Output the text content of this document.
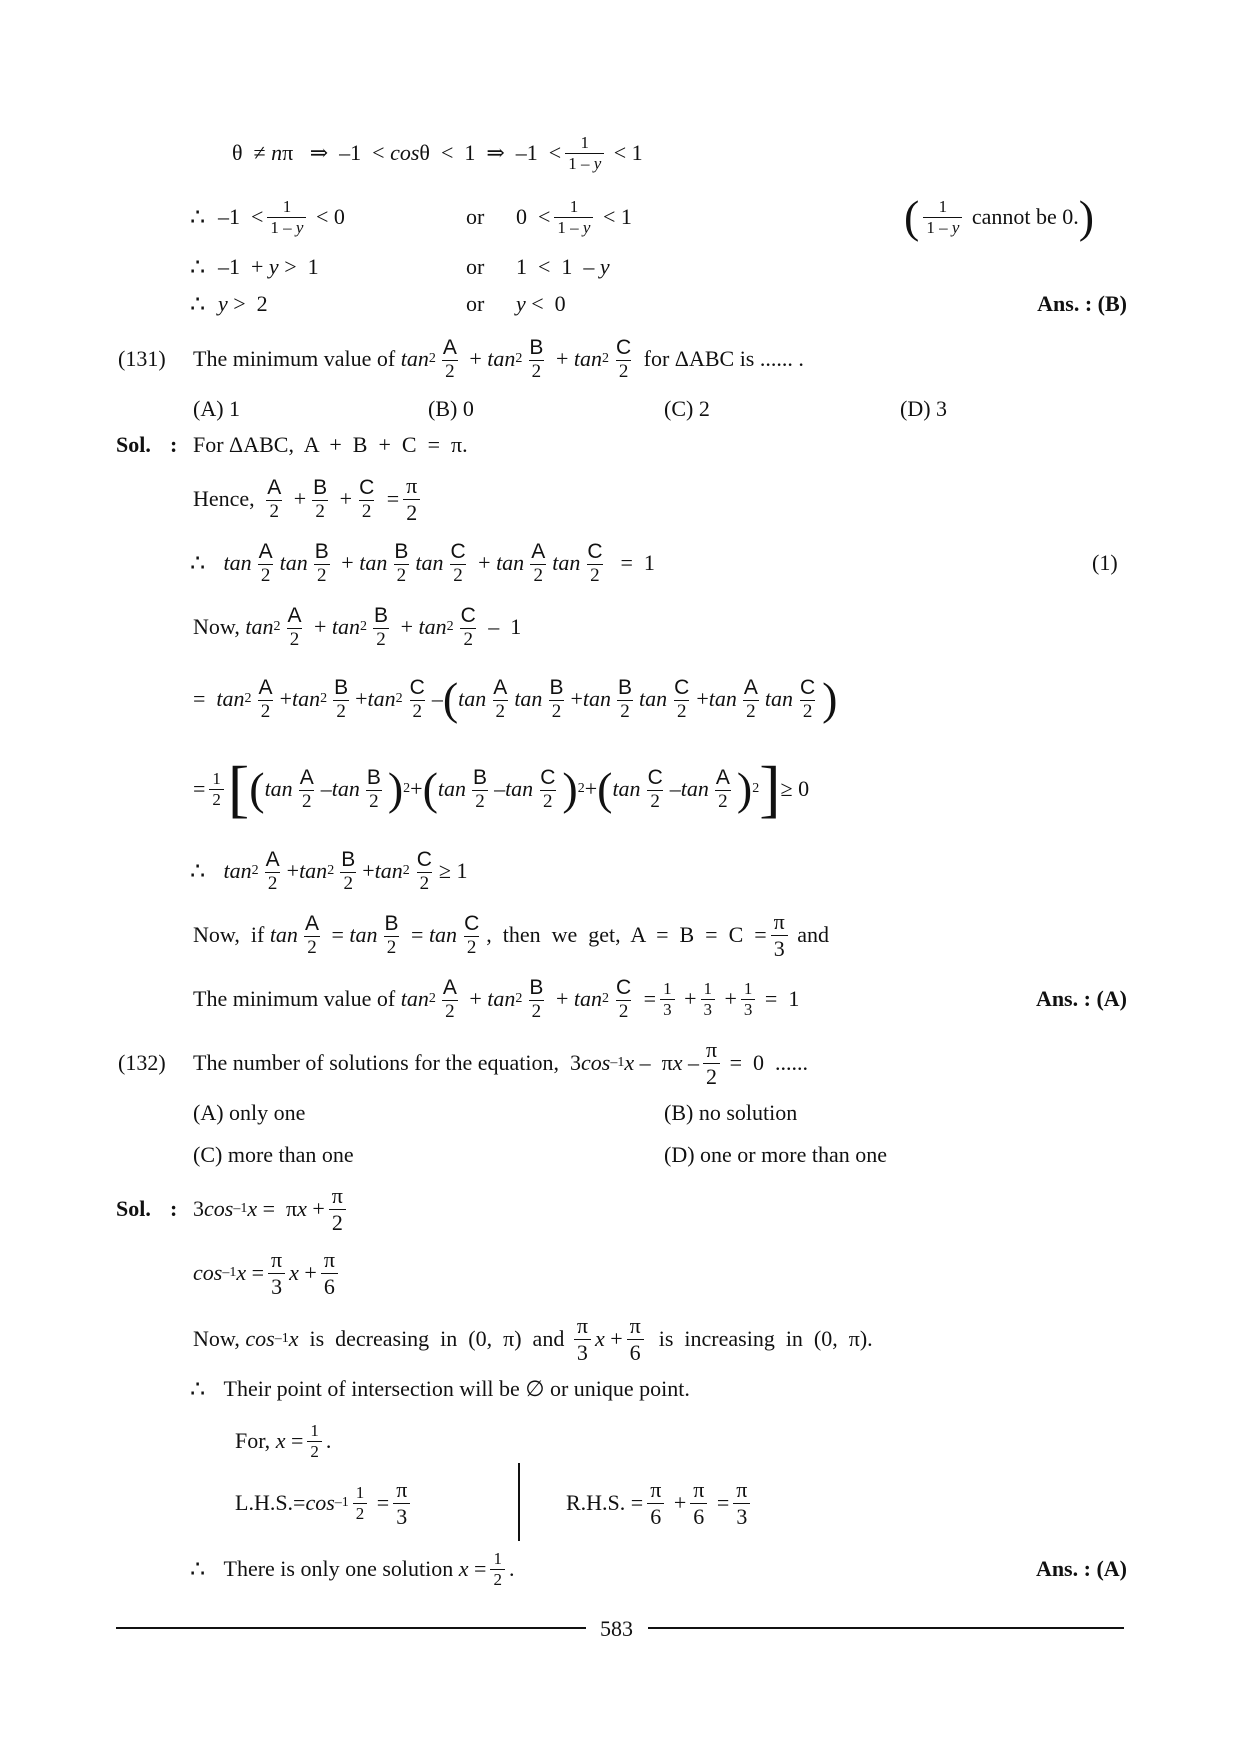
θ  ≠ n π   ⇒  –1  < cos θ  <  1  ⇒  –1  < 1
1 – y < 1
∴ –1  < 1
1 – y < 0	or 0  < 1
1 – y < 1	( 1
1 – y
cannot be 0. )
∴ –1  + y >  1	or 1  <  1  – y
∴ y >  2	or y <  0	Ans. : (B)
(131) The minimum value of
tan 2 A
2
+ tan 2 B
2
+ tan 2 C
2

for ΔABC is ...... .
(A) 1	(B) 0	(C) 2	(D) 3
Sol. : For ΔABC,  A  +  B  +  C  =  π.
Hence,
A
2
+ B
2
+ C
2
=
π
2
∴
tan A
2
tan B
2
+ tan B
2
tan C
2
+ tan A
2
tan C
2
=  1	(1)
Now,
tan 2 A
2
+ tan 2 B
2
+ tan 2 C
2
–  1
= tan 2 A
2
+ tan 2 B
2
+ tan 2 C
2
– ( tan A
2
tan B
2
+ tan B
2
tan C
2
+ tan A
2
tan C
2 )
= 1
2 [ ( tan A
2
– tan B
2 ) 2 + ( tan B
2
– tan C
2 ) 2 + ( tan C
2
– tan A
2 ) 2 ] ≥ 0
∴
tan 2 A
2
+ tan 2 B
2
+ tan 2 C
2
≥ 1
Now, if tan A
2
= tan B
2
= tan C
2
,  then  we  get,  A  =  B  =  C  =
π
3

and
The minimum value of
tan 2 A
2
+ tan 2 B
2
+ tan 2 C
2
= 1
3 + 1
3 + 1
3 =  1	Ans. : (A)
(132) The number of solutions for the equation, 3 cos –1 x –  π x –
π
2
=  0  ......
(A) only one	(B) no solution
(C) more than one	(D) one or more than one
Sol. : 3 cos –1 x =  π x +
π
2
cos –1 x =
π
3
x +
π
6
Now,
cos –1 x is  decreasing  in  (0,  π)  and
π
3
x +
π
6
is  increasing  in  (0,  π).
∴
Their point of intersection will be ∅ or unique point.
For, x = 1
2 .
L.H.S.= cos –1
1
2 =
π
3
R.H.S. = $\frac{\pi}{6}$ +
π
6
=
π
3
∴
There is only one solution
x = 1
2 .	Ans. : (A)
583
